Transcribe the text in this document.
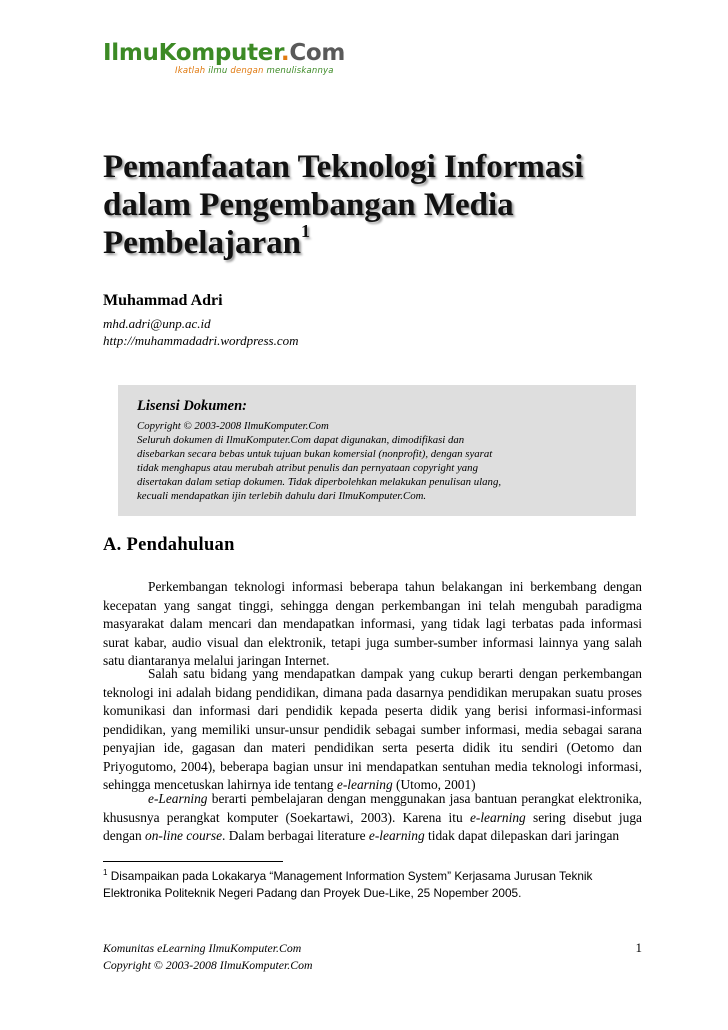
IlmuKomputer.Com
Ikatlah ilmu dengan menuliskannya
Pemanfaatan Teknologi Informasi
dalam Pengembangan Media
Pembelajaran$^1$
Muhammad Adri
mhd.adri@unp.ac.id
http://muhammadadri.wordpress.com
Lisensi Dokumen:
Copyright © 2003-2008 IlmuKomputer.Com
Seluruh dokumen di IlmuKomputer.Com dapat digunakan, dimodifikasi dan
disebarkan secara bebas untuk tujuan bukan komersial (nonprofit), dengan syarat
tidak menghapus atau merubah atribut penulis dan pernyataan copyright yang
disertakan dalam setiap dokumen. Tidak diperbolehkan melakukan penulisan ulang,
kecuali mendapatkan ijin terlebih dahulu dari IlmuKomputer.Com.
A. Pendahuluan

Perkembangan teknologi informasi beberapa tahun belakangan ini berkembang dengan kecepatan yang sangat tinggi, sehingga dengan perkembangan ini telah mengubah paradigma masyarakat dalam mencari dan mendapatkan informasi, yang tidak lagi terbatas pada informasi surat kabar, audio visual dan elektronik, tetapi juga sumber-sumber informasi lainnya yang salah satu diantaranya melalui jaringan Internet.

Salah satu bidang yang mendapatkan dampak yang cukup berarti dengan perkembangan teknologi ini adalah bidang pendidikan, dimana pada dasarnya pendidikan merupakan suatu proses komunikasi dan informasi dari pendidik kepada peserta didik yang berisi informasi-informasi pendidikan, yang memiliki unsur-unsur pendidik sebagai sumber informasi, media sebagai sarana penyajian ide, gagasan dan materi pendidikan serta peserta didik itu sendiri (Oetomo dan Priyogutomo, 2004), beberapa bagian unsur ini mendapatkan sentuhan media teknologi informasi, sehingga mencetuskan lahirnya ide tentang e-learning (Utomo, 2001)

e-Learning berarti pembelajaran dengan menggunakan jasa bantuan perangkat elektronika, khususnya perangkat komputer (Soekartawi, 2003). Karena itu e-learning sering disebut juga dengan on-line course. Dalam berbagai literature e-learning tidak dapat dilepaskan dari jaringan

$^1$ Disampaikan pada Lokakarya “Management Information System” Kerjasama Jurusan Teknik Elektronika Politeknik Negeri Padang dan Proyek Due-Like, 25 Nopember 2005.

Komunitas eLearning IlmuKomputer.Com
Copyright © 2003-2008 IlmuKomputer.Com
1
